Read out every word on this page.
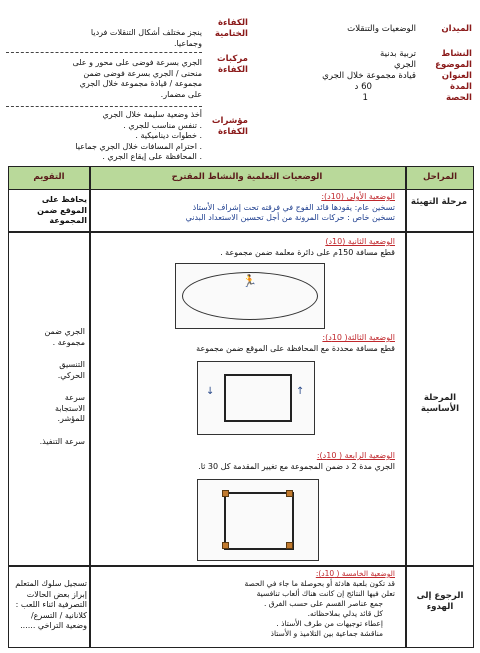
الميدان
النشاط
الموضوع
العنوان
المدة
الحصة
الوضعيات والتنقلات
تربية بدنية
الجري
قيادة مجموعة خلال الجري
60 د
1
الكفاءة الختامية
مركبات الكفاءة
مؤشرات الكفاءة
ينجز مختلف أشكال التنقلات فرديا
وجماعيا.
الجري بسرعة فوضى على محور و على
منحنى / الجري بسرعة فوضى ضمن
مجموعة / قيادة مجموعة خلال الجري
على مضمار.
أخذ وضعية سليمة خلال الجري
. تنفس مناسب للجري .
. خطوات ديناميكية .
. احترام المسافات خلال الجري جماعيا
. المحافظة على إيقاع الجري .
المراحل
الوضعيات التعلمية والنشاط المقترح
التقويم
مرحلة التهيئة
يحافظ على
الموقع ضمن
المجموعة
الوضعية الأولى (10د):
تسخين عام: يقودها قائد الفوج في فرقته تحت إشراف الأستاذ
تسخين خاص : حركات المرونة من أجل تحسين الاستعداد البدني
المرحلة الأساسية
الجري ضمن
مجموعة .
التنسيق
الحركي.
سرعة
الاستجابة
للمؤشر.
سرعة التنفيذ.
الوضعية الثانية (10د)
قطع مسافة 150م على دائرة معلمة ضمن مجموعة .
🏃
الوضعية الثالثة( 10د):
قطع مسافة محددة مع المحافظة على الموقع ضمن مجموعة
↓	↑
الوضعية الرابعة ( 10د):
الجري مدة 2 د ضمن المجموعة مع تغيير المقدمة كل 30 ثا.
الرجوع إلى الهدوء
تسجيل سلوك المتعلم
إبراز بعض الحالات
التصرفية اثناء اللعب :
كلانانية / التسرع/
وضعية التراخي ......
الوضعية الخامسة ( 10د):
قد تكون بلعبة هادئة أو بحوصلة ما جاء في الحصة
تعلن فيها النتائج إن كانت هناك ألعاب تنافسية
جمع عناصر القسم على حسب الفرق .
كل قائد يدلي بملاحظاته.
إعطاء توجيهات من طرف الأستاذ .
مناقشة جماعية بين التلاميذ و الأستاذ
